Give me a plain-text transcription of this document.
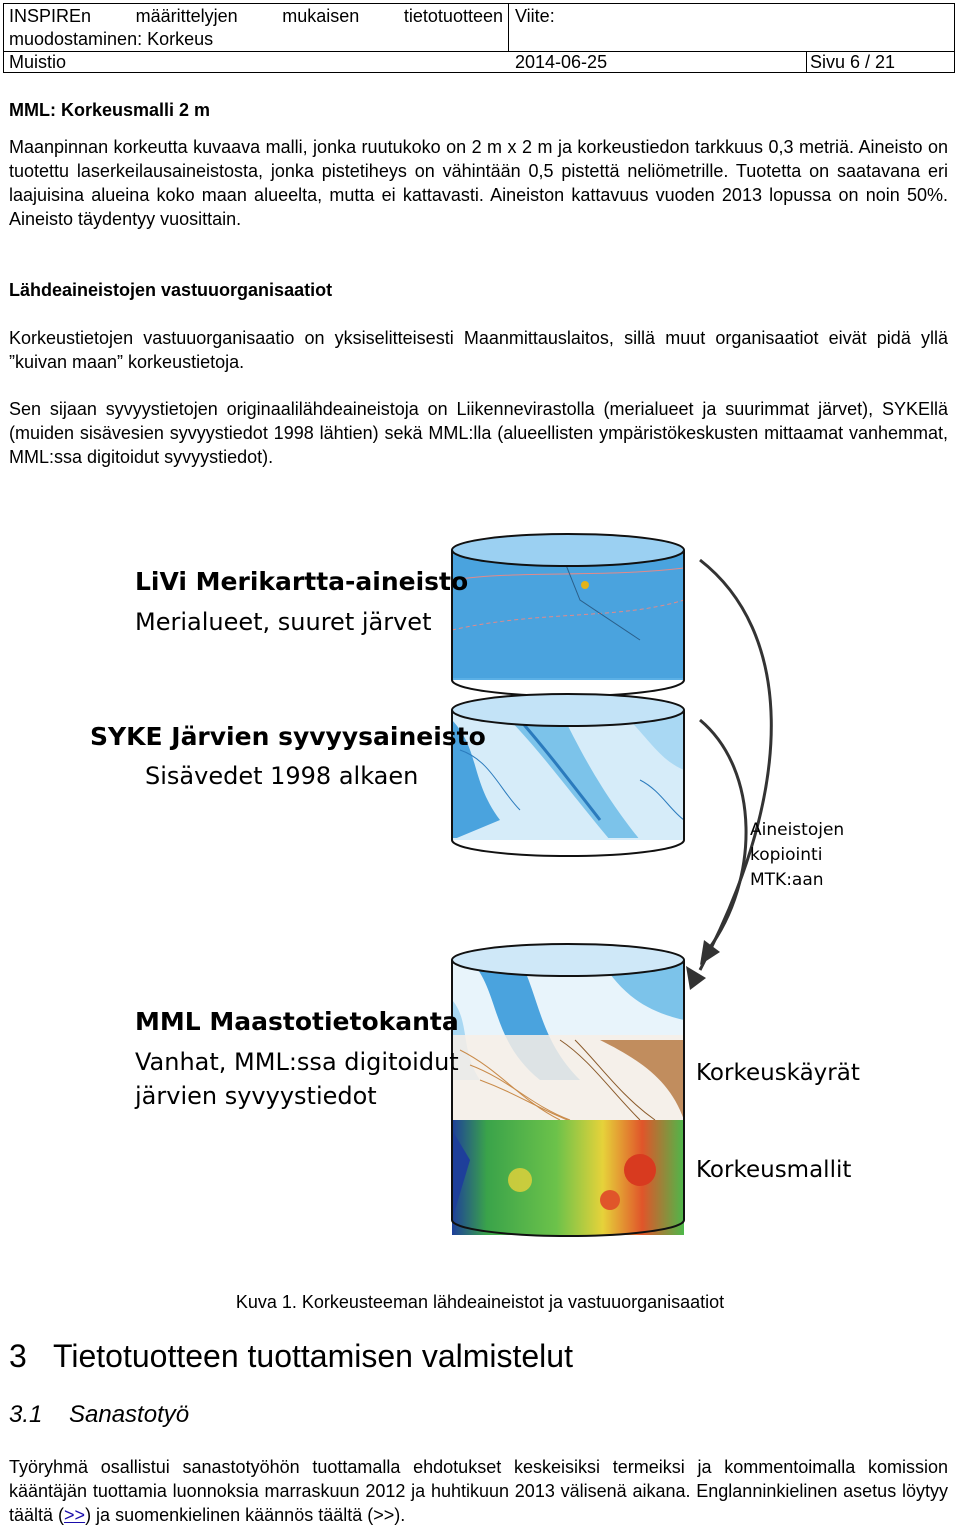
INSPIREn määrittelyjen mukaisen tietotuotteen
muodostaminen: Korkeus
Viite:
Muistio	2014-06-25	Sivu 6 / 21
MML: Korkeusmalli 2 m

Maanpinnan korkeutta kuvaava malli, jonka ruutukoko on 2 m x 2 m ja korkeustiedon tarkkuus 0,3 metriä. Aineisto on tuotettu laserkeilausaineistosta, jonka pistetiheys on vähintään 0,5 pistettä neliömetrille. Tuotetta on saatavana eri laajuisina alueina koko maan alueelta, mutta ei kattavasti. Aineiston kattavuus vuoden 2013 lopussa on noin 50%. Aineisto täydentyy vuosittain.

Lähdeaineistojen vastuuorganisaatiot

Korkeustietojen vastuuorganisaatio on yksiselitteisesti Maanmittauslaitos, sillä muut organisaatiot eivät pidä yllä ”kuivan maan” korkeustietoja.

Sen sijaan syvyystietojen originaalilähdeaineistoja on Liikennevirastolla (merialueet ja suurimmat järvet), SYKEllä (muiden sisävesien syvyystiedot 1998 lähtien) sekä MML:lla (alueellisten ympäristökeskusten mittaamat vanhemmat, MML:ssa digitoidut syvyystiedot).

LiVi Merikartta-aineisto
Merialueet, suuret järvet
SYKE Järvien syvyysaineisto
Sisävedet 1998 alkaen
Aineistojen
kopiointi
MTK:aan
MML Maastotietokanta
Vanhat, MML:ssa digitoidut
järvien syvyystiedot
Korkeuskäyrät
Korkeusmallit
Kuva 1. Korkeusteeman lähdeaineistot ja vastuuorganisaatiot
3 Tietotuotteen tuottamisen valmistelut
3.1 Sanastotyö

Työryhmä osallistui sanastotyöhön tuottamalla ehdotukset keskeisiksi termeiksi ja kommentoimalla komission kääntäjän tuottamia luonnoksia marraskuun 2012 ja huhtikuun 2013 välisenä aikana. Englanninkielinen asetus löytyy täältä (>>) ja suomenkielinen käännös täältä (>>).
